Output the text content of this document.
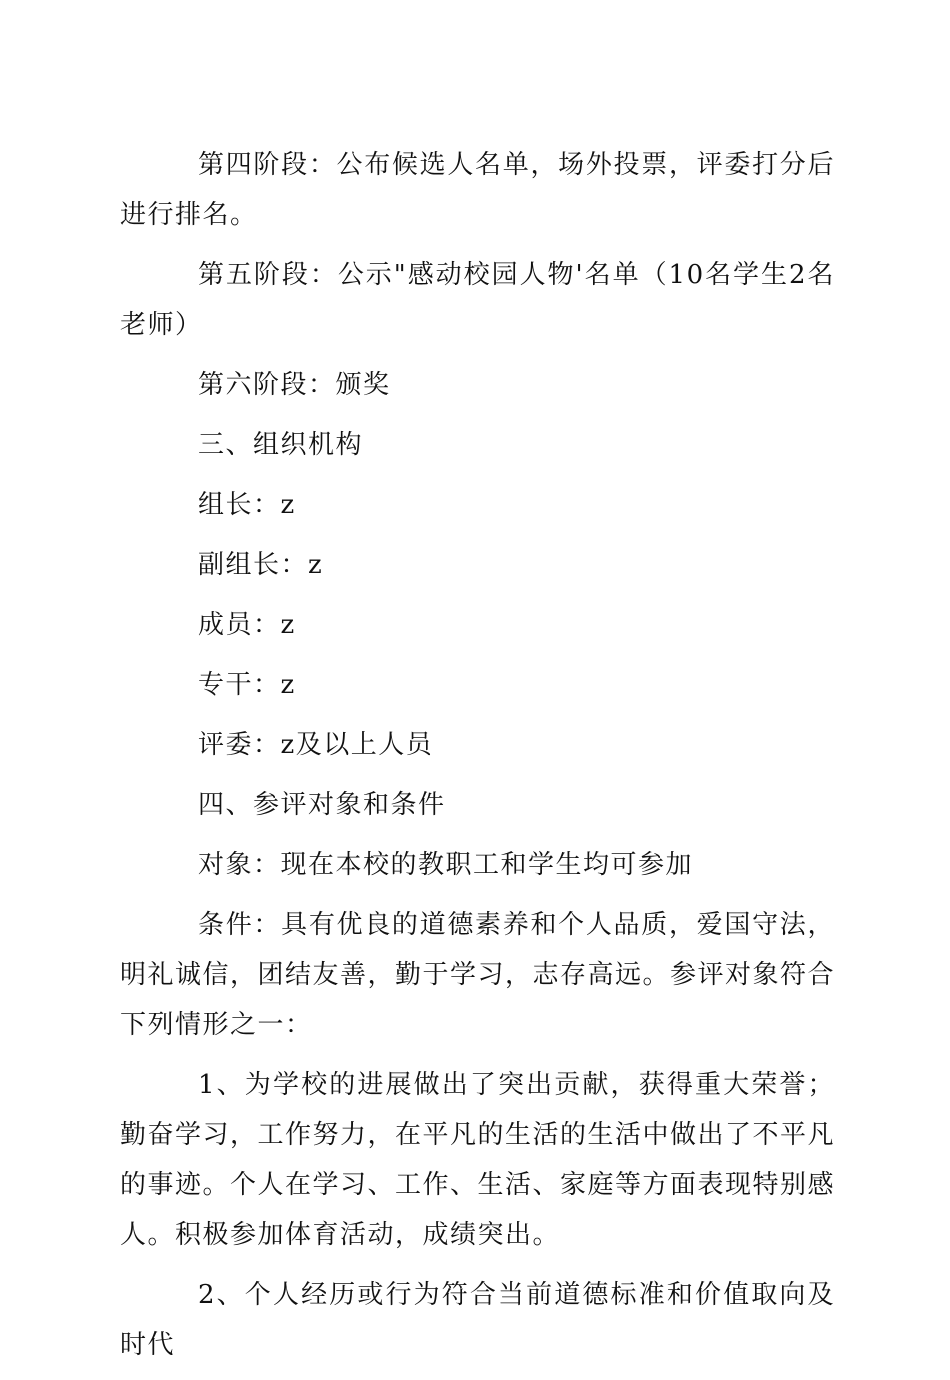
第四阶段：公布候选人名单，场外投票，评委打分后进行排名。

第五阶段：公示"感动校园人物'名单（10名学生2名老师）

第六阶段：颁奖

三、组织机构

组长：z

副组长：z

成员：z

专干：z

评委：z及以上人员

四、参评对象和条件

对象：现在本校的教职工和学生均可参加

条件：具有优良的道德素养和个人品质，爱国守法，明礼诚信，团结友善，勤于学习，志存高远。参评对象符合下列情形之一：

1、为学校的进展做出了突出贡献，获得重大荣誉；勤奋学习，工作努力，在平凡的生活的生活中做出了不平凡的事迹。个人在学习、工作、生活、家庭等方面表现特别感人。积极参加体育活动，成绩突出。

2、个人经历或行为符合当前道德标准和价值取向及时代
